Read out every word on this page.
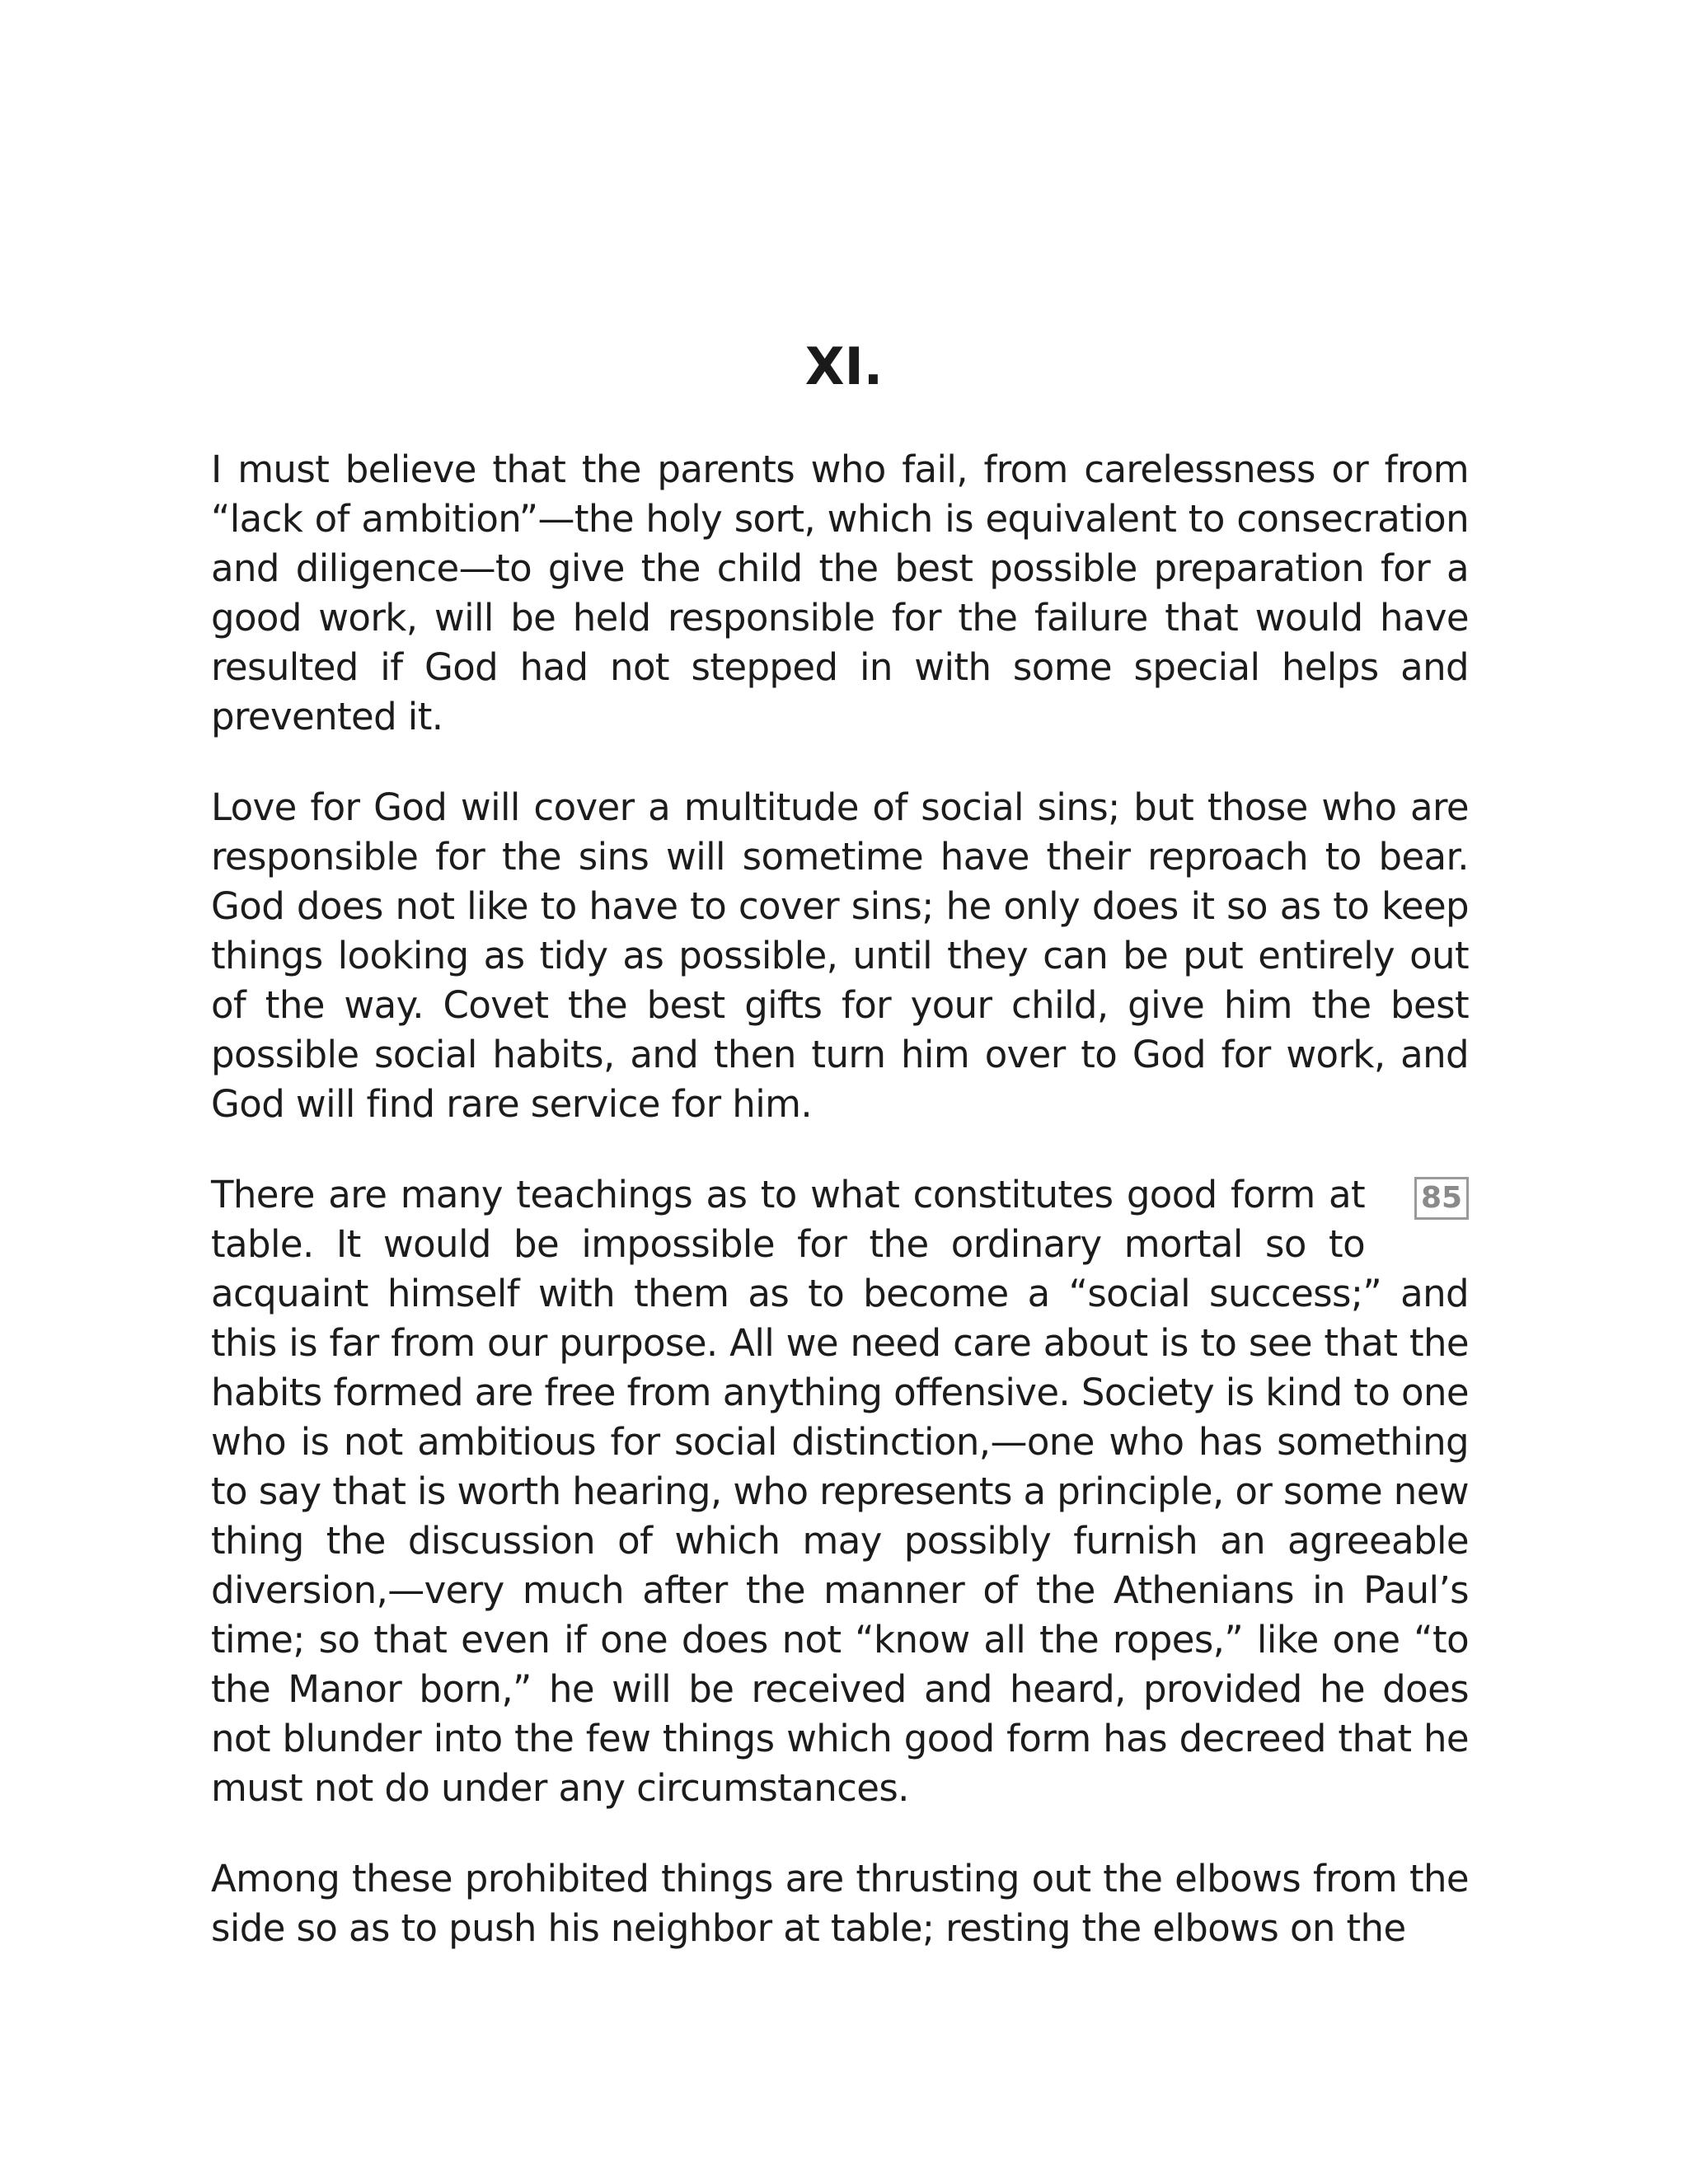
XI.

I must believe that the parents who fail, from carelessness or from “lack of ambition”—the holy sort, which is equivalent to consecration and diligence—to give the child the best possible preparation for a good work, will be held responsible for the failure that would have resulted if God had not stepped in with some special helps and prevented it.

Love for God will cover a multitude of social sins; but those who are responsible for the sins will sometime have their reproach to bear. God does not like to have to cover sins; he only does it so as to keep things looking as tidy as possible, until they can be put entirely out of the way. Covet the best gifts for your child, give him the best possible social habits, and then turn him over to God for work, and God will find rare service for him.

85

There are many teachings as to what constitutes good form at table. It would be impossible for the ordinary mortal so to acquaint himself with them as to become a “social success;” and this is far from our purpose. All we need care about is to see that the habits formed are free from anything offensive. Society is kind to one who is not ambitious for social distinction,—one who has something to say that is worth hearing, who represents a principle, or some new thing the discussion of which may possibly furnish an agreeable diversion,—very much after the manner of the Athenians in Paul’s time; so that even if one does not “know all the ropes,” like one “to the Manor born,” he will be received and heard, provided he does not blunder into the few things which good form has decreed that he must not do under any circumstances.

Among these prohibited things are thrusting out the elbows from the side so as to push his neighbor at table; resting the elbows on the
